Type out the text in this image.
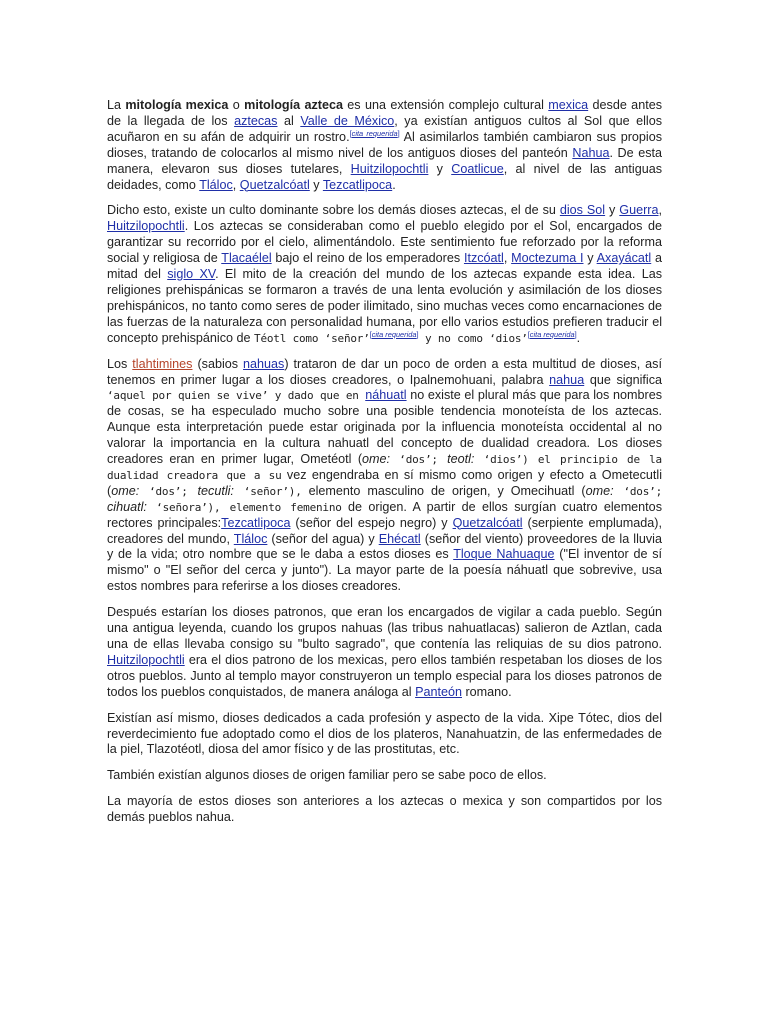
La mitología mexica o mitología azteca es una extensión complejo cultural mexica desde antes de la llegada de los aztecas al Valle de México, ya existían antiguos cultos al Sol que ellos acuñaron en su afán de adquirir un rostro.[cita requerida] Al asimilarlos también cambiaron sus propios dioses, tratando de colocarlos al mismo nivel de los antiguos dioses del panteón Nahua. De esta manera, elevaron sus dioses tutelares, Huitzilopochtli y Coatlicue, al nivel de las antiguas deidades, como Tláloc, Quetzalcóatl y Tezcatlipoca.

Dicho esto, existe un culto dominante sobre los demás dioses aztecas, el de su dios Sol y Guerra, Huitzilopochtli. Los aztecas se consideraban como el pueblo elegido por el Sol, encargados de garantizar su recorrido por el cielo, alimentándolo. Este sentimiento fue reforzado por la reforma social y religiosa de Tlacaélel bajo el reino de los emperadores Itzcóatl, Moctezuma I y Axayácatl a mitad del siglo XV. El mito de la creación del mundo de los aztecas expande esta idea. Las religiones prehispánicas se formaron a través de una lenta evolución y asimilación de los dioses prehispánicos, no tanto como seres de poder ilimitado, sino muchas veces como encarnaciones de las fuerzas de la naturaleza con personalidad humana, por ello varios estudios prefieren traducir el concepto prehispánico de Téotl como ‘señor’[cita requerida] y no como ‘dios’[cita requerida].

Los tlahtimines (sabios nahuas) trataron de dar un poco de orden a esta multitud de dioses, así tenemos en primer lugar a los dioses creadores, o Ipalnemohuani, palabra nahua que significa ‘aquel por quien se vive’ y dado que en náhuatl no existe el plural más que para los nombres de cosas, se ha especulado mucho sobre una posible tendencia monoteísta de los aztecas. Aunque esta interpretación puede estar originada por la influencia monoteísta occidental al no valorar la importancia en la cultura nahuatl del concepto de dualidad creadora. Los dioses creadores eran en primer lugar, Ometéotl (ome: ‘dos’; teotl: ‘dios’) el principio de la dualidad creadora que a su vez engendraba en sí mismo como origen y efecto a Ometecutli (ome: ‘dos’; tecutli: ‘señor’), elemento masculino de origen, y Omecihuatl (ome: ‘dos’; cihuatl: ‘señora’), elemento femenino de origen. A partir de ellos surgían cuatro elementos rectores principales:Tezcatlipoca (señor del espejo negro) y Quetzalcóatl (serpiente emplumada), creadores del mundo, Tláloc (señor del agua) y Ehécatl (señor del viento) proveedores de la lluvia y de la vida; otro nombre que se le daba a estos dioses es Tloque Nahuaque ("El inventor de sí mismo" o "El señor del cerca y junto"). La mayor parte de la poesía náhuatl que sobrevive, usa estos nombres para referirse a los dioses creadores.

Después estarían los dioses patronos, que eran los encargados de vigilar a cada pueblo. Según una antigua leyenda, cuando los grupos nahuas (las tribus nahuatlacas) salieron de Aztlan, cada una de ellas llevaba consigo su "bulto sagrado", que contenía las reliquias de su dios patrono. Huitzilopochtli era el dios patrono de los mexicas, pero ellos también respetaban los dioses de los otros pueblos. Junto al templo mayor construyeron un templo especial para los dioses patronos de todos los pueblos conquistados, de manera análoga al Panteón romano.

Existían así mismo, dioses dedicados a cada profesión y aspecto de la vida. Xipe Tótec, dios del reverdecimiento fue adoptado como el dios de los plateros, Nanahuatzin, de las enfermedades de la piel, Tlazotéotl, diosa del amor físico y de las prostitutas, etc.

También existían algunos dioses de origen familiar pero se sabe poco de ellos.

La mayoría de estos dioses son anteriores a los aztecas o mexica y son compartidos por los demás pueblos nahua.
